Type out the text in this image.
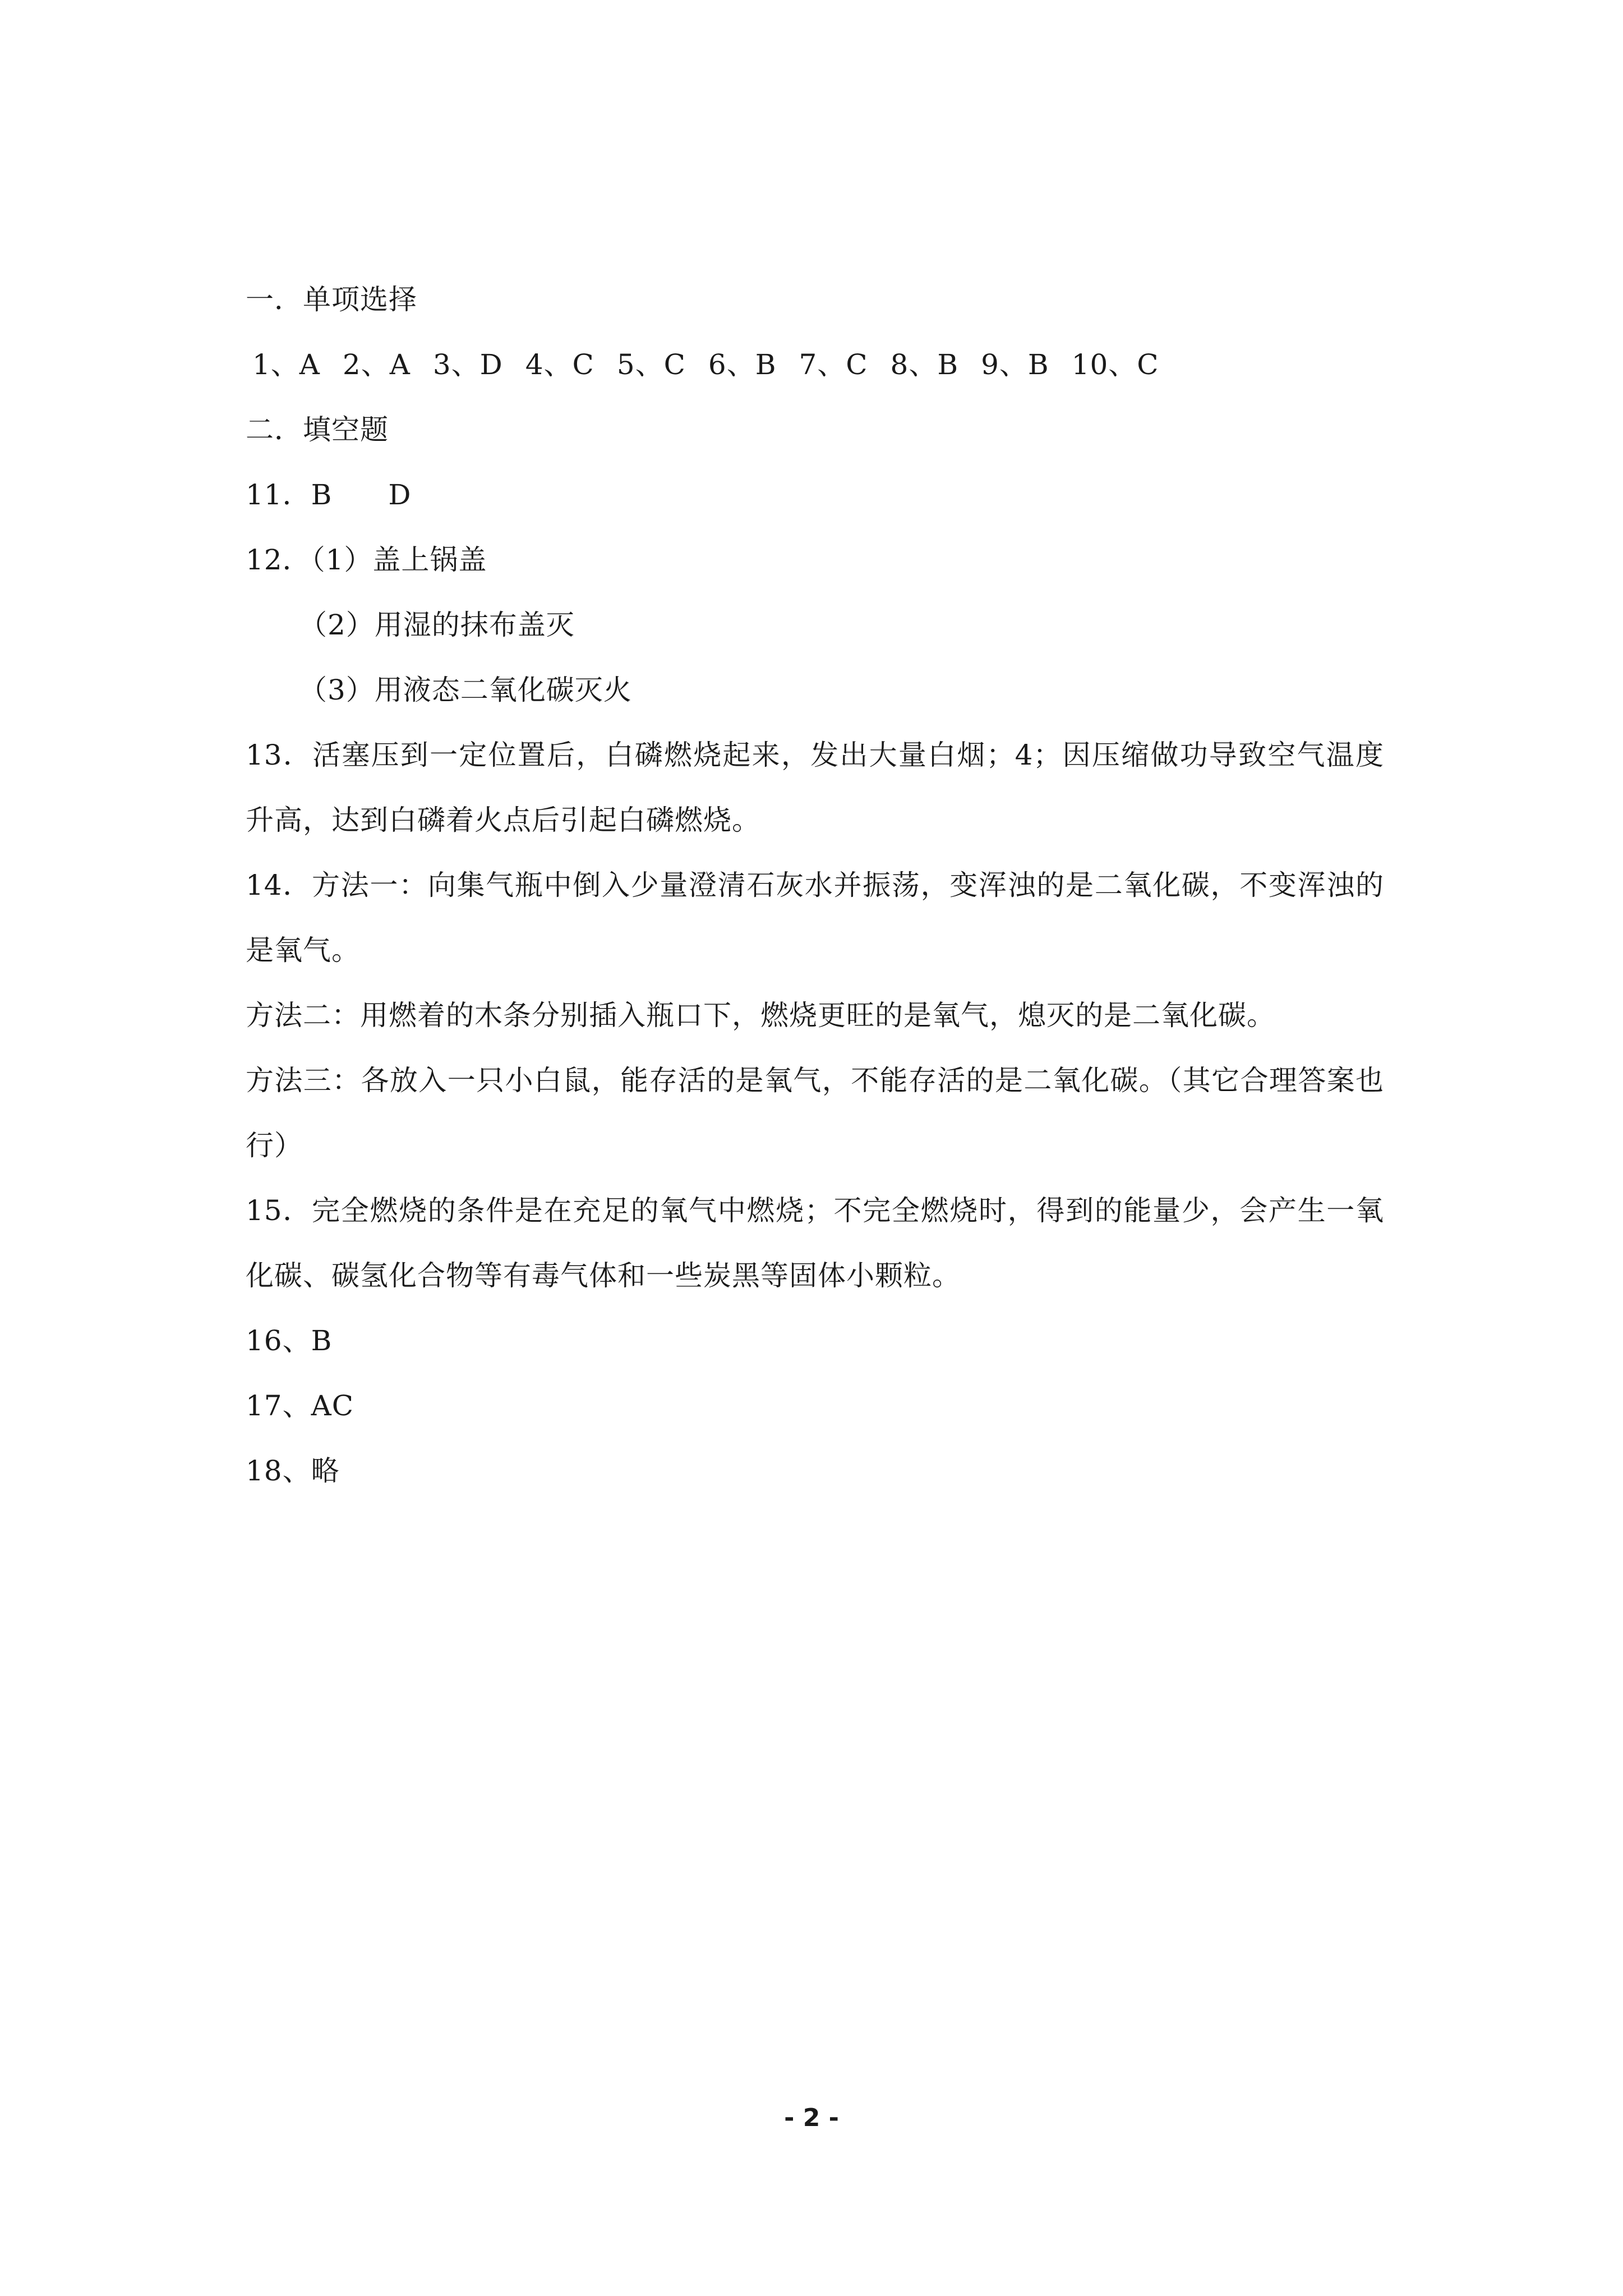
一．单项选择
1、A 2、A 3、D 4、C 5、C 6、B 7、C 8、B 9、B 10、C
二．填空题
11．B D
12．（1）盖上锅盖
（2）用湿的抹布盖灭
（3）用液态二氧化碳灭火
13．活塞压到一定位置后，白磷燃烧起来，发出大量白烟；4；因压缩做功导致空气温度升高，达到白磷着火点后引起白磷燃烧。
14．方法一：向集气瓶中倒入少量澄清石灰水并振荡，变浑浊的是二氧化碳，不变浑浊的是氧气。
方法二：用燃着的木条分别插入瓶口下，燃烧更旺的是氧气，熄灭的是二氧化碳。
方法三：各放入一只小白鼠，能存活的是氧气，不能存活的是二氧化碳。（其它合理答案也行）
15．完全燃烧的条件是在充足的氧气中燃烧；不完全燃烧时，得到的能量少，会产生一氧化碳、碳氢化合物等有毒气体和一些炭黑等固体小颗粒。
16、B
17、AC
18、略
- 2 -
